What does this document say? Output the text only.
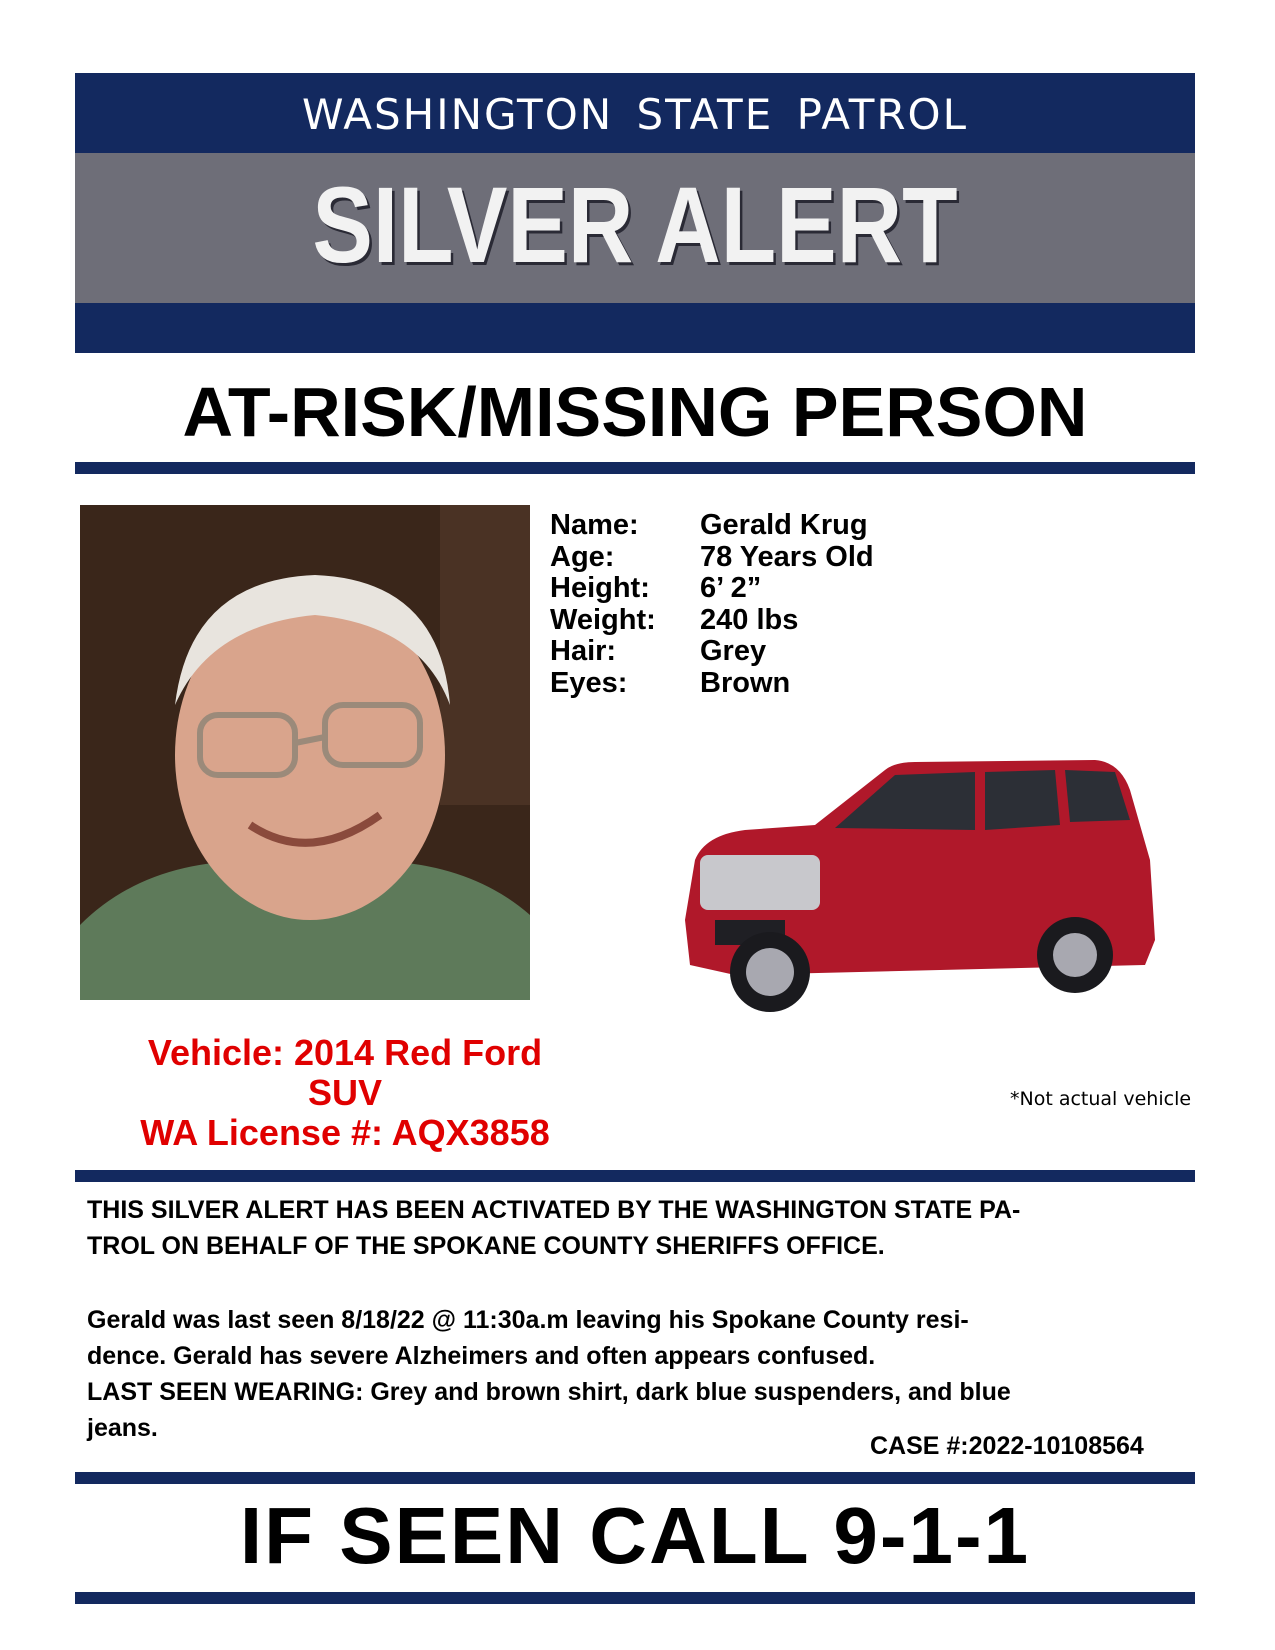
WASHINGTON STATE PATROL
SILVER ALERT
AT-RISK/MISSING PERSON
Name:	Gerald Krug
Age:	78 Years Old
Height:	6’ 2”
Weight:	240 lbs
Hair:	Grey
Eyes:	Brown
Vehicle: 2014 Red Ford
SUV
WA License #: AQX3858
*Not actual vehicle

THIS SILVER ALERT HAS BEEN ACTIVATED BY THE WASHINGTON STATE PA-

TROL ON BEHALF OF THE SPOKANE COUNTY SHERIFFS OFFICE.

Gerald was last seen 8/18/22 @ 11:30a.m leaving his Spokane County resi-

dence. Gerald has severe Alzheimers and often appears confused.

LAST SEEN WEARING: Grey and brown shirt, dark blue suspenders, and blue

jeans.

CASE #:2022-10108564
IF SEEN CALL 9-1-1
